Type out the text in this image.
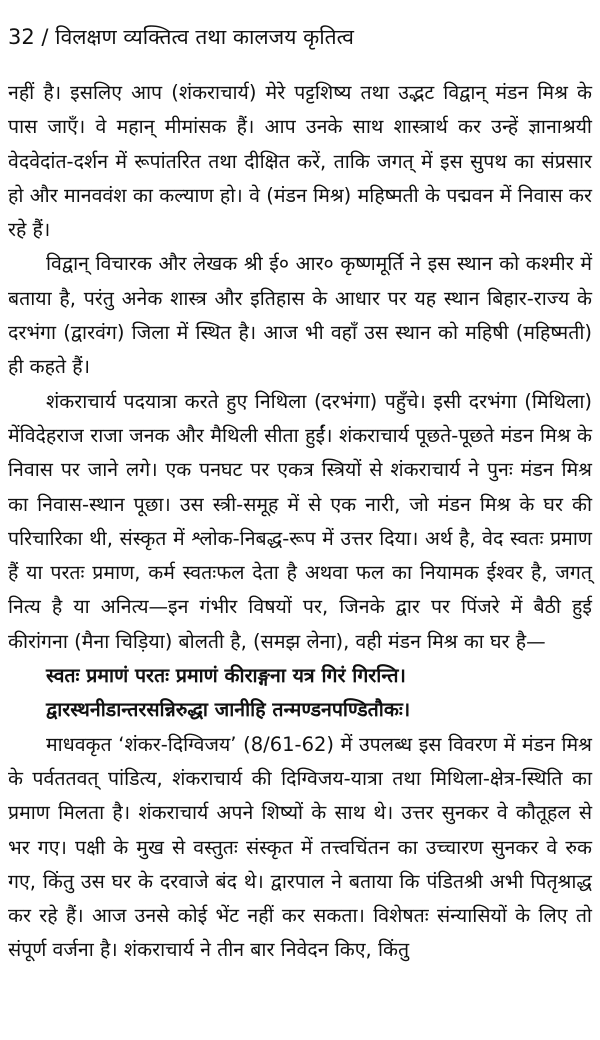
32 / विलक्षण व्यक्तित्व तथा कालजय कृतित्व

नहीं है। इसलिए आप (शंकराचार्य) मेरे पट्टशिष्य तथा उद्भट विद्वान् मंडन मिश्र के पास जाएँ। वे महान् मीमांसक हैं। आप उनके साथ शास्त्रार्थ कर उन्हें ज्ञानाश्रयी वेदवेदांत-दर्शन में रूपांतरित तथा दीक्षित करें, ताकि जगत् में इस सुपथ का संप्रसार हो और मानववंश का कल्याण हो। वे (मंडन मिश्र) महिष्मती के पद्मवन में निवास कर रहे हैं।

विद्वान् विचारक और लेखक श्री ई० आर० कृष्णमूर्ति ने इस स्थान को कश्मीर में बताया है, परंतु अनेक शास्त्र और इतिहास के आधार पर यह स्थान बिहार-राज्य के दरभंगा (द्वारवंग) जिला में स्थित है। आज भी वहाँ उस स्थान को महिषी (महिष्मती) ही कहते हैं।

शंकराचार्य पदयात्रा करते हुए निथिला (दरभंगा) पहुँचे। इसी दरभंगा (मिथिला) मेंविदेहराज राजा जनक और मैथिली सीता हुईं। शंकराचार्य पूछते-पूछते मंडन मिश्र के निवास पर जाने लगे। एक पनघट पर एकत्र स्त्रियों से शंकराचार्य ने पुनः मंडन मिश्र का निवास-स्थान पूछा। उस स्त्री-समूह में से एक नारी, जो मंडन मिश्र के घर की परिचारिका थी, संस्कृत में श्लोक-निबद्ध-रूप में उत्तर दिया। अर्थ है, वेद स्वतः प्रमाण हैं या परतः प्रमाण, कर्म स्वतःफल देता है अथवा फल का नियामक ईश्वर है, जगत् नित्य है या अनित्य—इन गंभीर विषयों पर, जिनके द्वार पर पिंजरे में बैठी हुई कीरांगना (मैना चिड़िया) बोलती है, (समझ लेना), वही मंडन मिश्र का घर है—

स्वतः प्रमाणं परतः प्रमाणं कीराङ्गना यत्र गिरं गिरन्ति।

द्वारस्थनीडान्तरसन्निरुद्धा जानीहि तन्मण्डनपण्डितौकः।

माधवकृत ‘शंकर-दिग्विजय’ (8/61-62) में उपलब्ध इस विवरण में मंडन मिश्र के पर्वततवत् पांडित्य, शंकराचार्य की दिग्विजय-यात्रा तथा मिथिला-क्षेत्र-स्थिति का प्रमाण मिलता है। शंकराचार्य अपने शिष्यों के साथ थे। उत्तर सुनकर वे कौतूहल से भर गए। पक्षी के मुख से वस्तुतः संस्कृत में तत्त्वचिंतन का उच्चारण सुनकर वे रुक गए, किंतु उस घर के दरवाजे बंद थे। द्वारपाल ने बताया कि पंडितश्री अभी पितृश्राद्ध कर रहे हैं। आज उनसे कोई भेंट नहीं कर सकता। विशेषतः संन्यासियों के लिए तो संपूर्ण वर्जना है। शंकराचार्य ने तीन बार निवेदन किए, किंतु
